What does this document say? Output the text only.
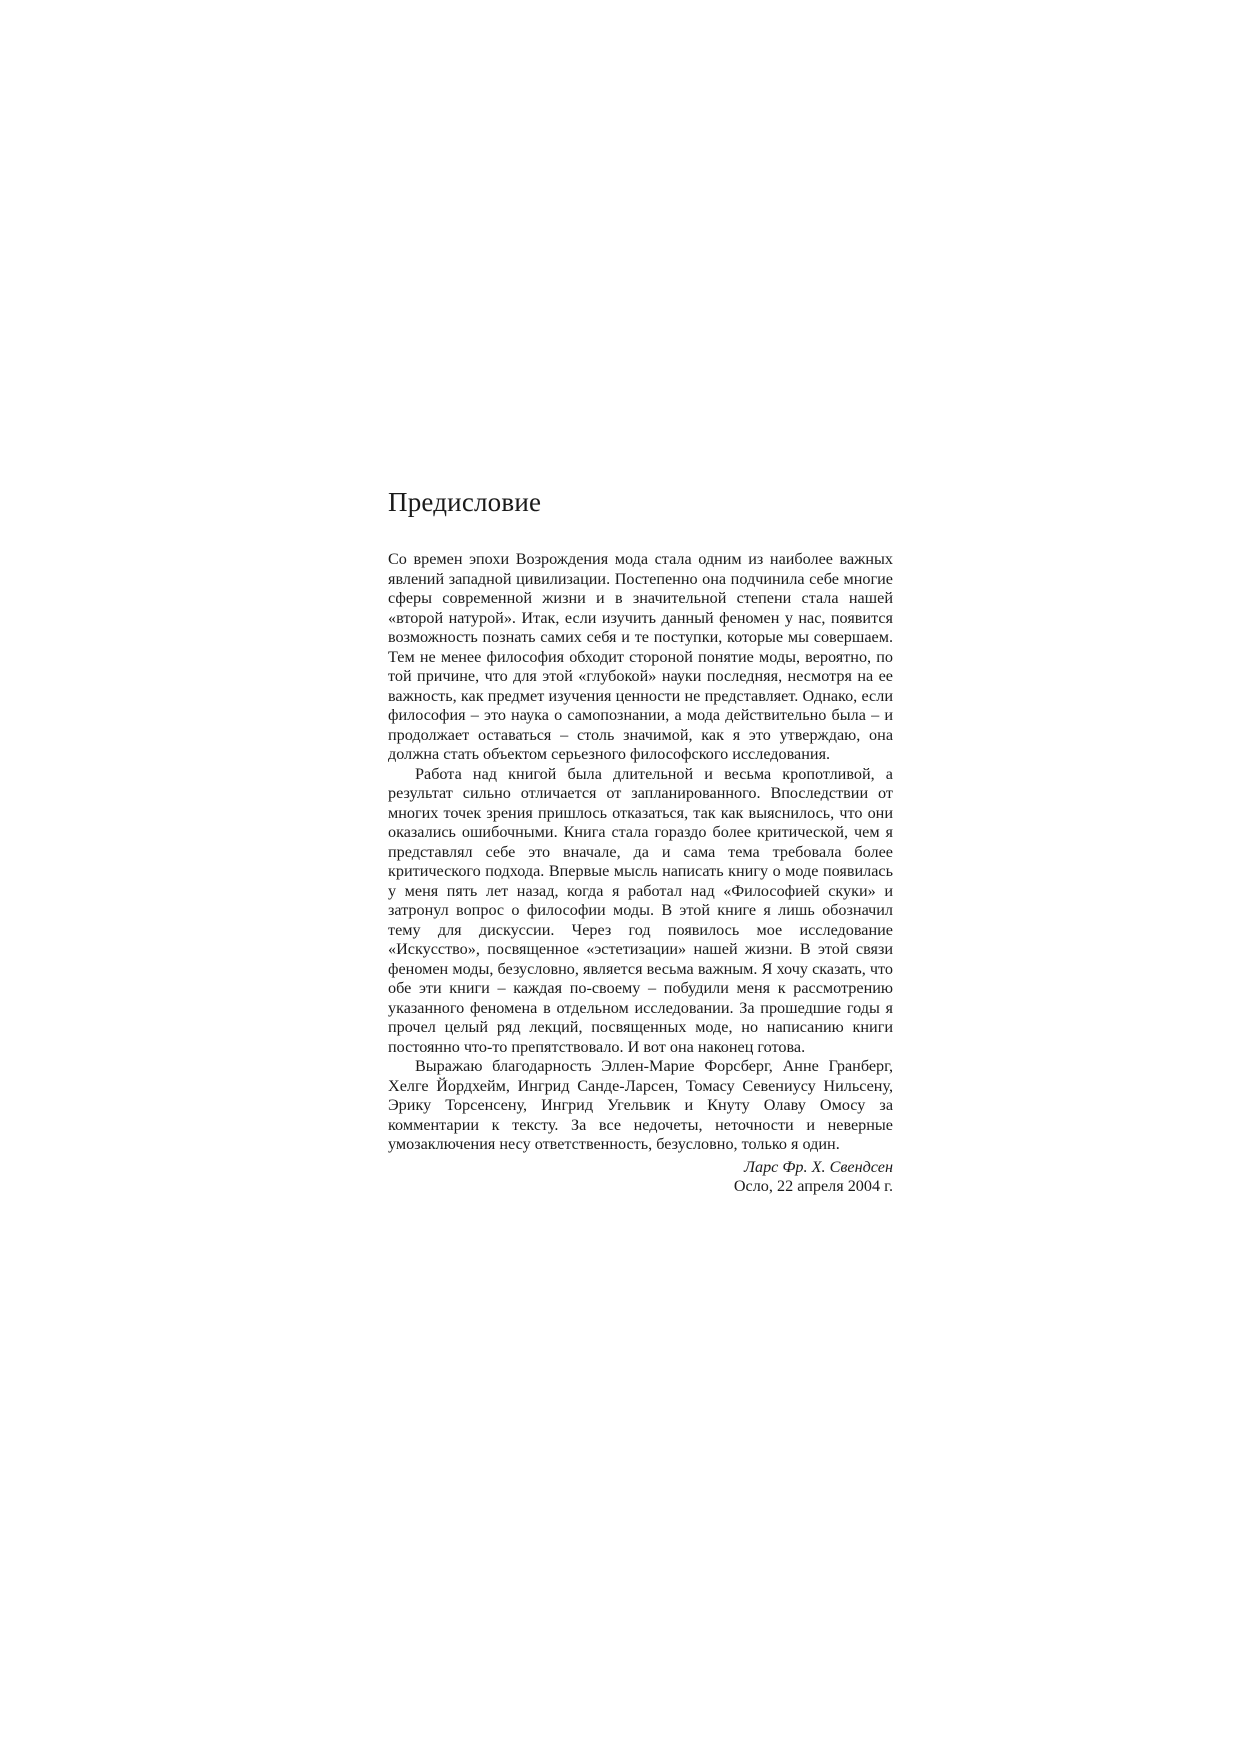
Предисловие

Со времен эпохи Возрождения мода стала одним из наиболее важных явлений западной цивилизации. Постепенно она подчинила себе многие сферы современной жизни и в значительной степени стала нашей «второй натурой». Итак, если изучить данный феномен у нас, появится возможность познать самих себя и те поступки, которые мы совершаем. Тем не менее философия обходит стороной понятие моды, вероятно, по той причине, что для этой «глубокой» науки последняя, несмотря на ее важность, как предмет изучения ценности не представляет. Однако, если философия – это наука о самопознании, а мода действительно была – и продолжает оставаться – столь значимой, как я это утверждаю, она должна стать объектом серьезного философского исследования.

Работа над книгой была длительной и весьма кропотливой, а результат сильно отличается от запланированного. Впоследствии от многих точек зрения пришлось отказаться, так как выяснилось, что они оказались ошибочными. Книга стала гораздо более критической, чем я представлял себе это вначале, да и сама тема требовала более критического подхода. Впервые мысль написать книгу о моде появилась у меня пять лет назад, когда я работал над «Философией скуки» и затронул вопрос о философии моды. В этой книге я лишь обозначил тему для дискуссии. Через год появилось мое исследование «Искусство», посвященное «эстетизации» нашей жизни. В этой связи феномен моды, безусловно, является весьма важным. Я хочу сказать, что обе эти книги – каждая по-своему – побудили меня к рассмотрению указанного феномена в отдельном исследовании. За прошедшие годы я прочел целый ряд лекций, посвященных моде, но написанию книги постоянно что-то препятствовало. И вот она наконец готова.

Выражаю благодарность Эллен-Марие Форсберг, Анне Гранберг, Хелге Йордхейм, Ингрид Санде-Ларсен, Томасу Севениусу Нильсену, Эрику Торсенсену, Ингрид Угельвик и Кнуту Олаву Омосу за комментарии к тексту. За все недочеты, неточности и неверные умозаключения несу ответственность, безусловно, только я один.

Ларс Фр. Х. Свендсен
Осло, 22 апреля 2004 г.
